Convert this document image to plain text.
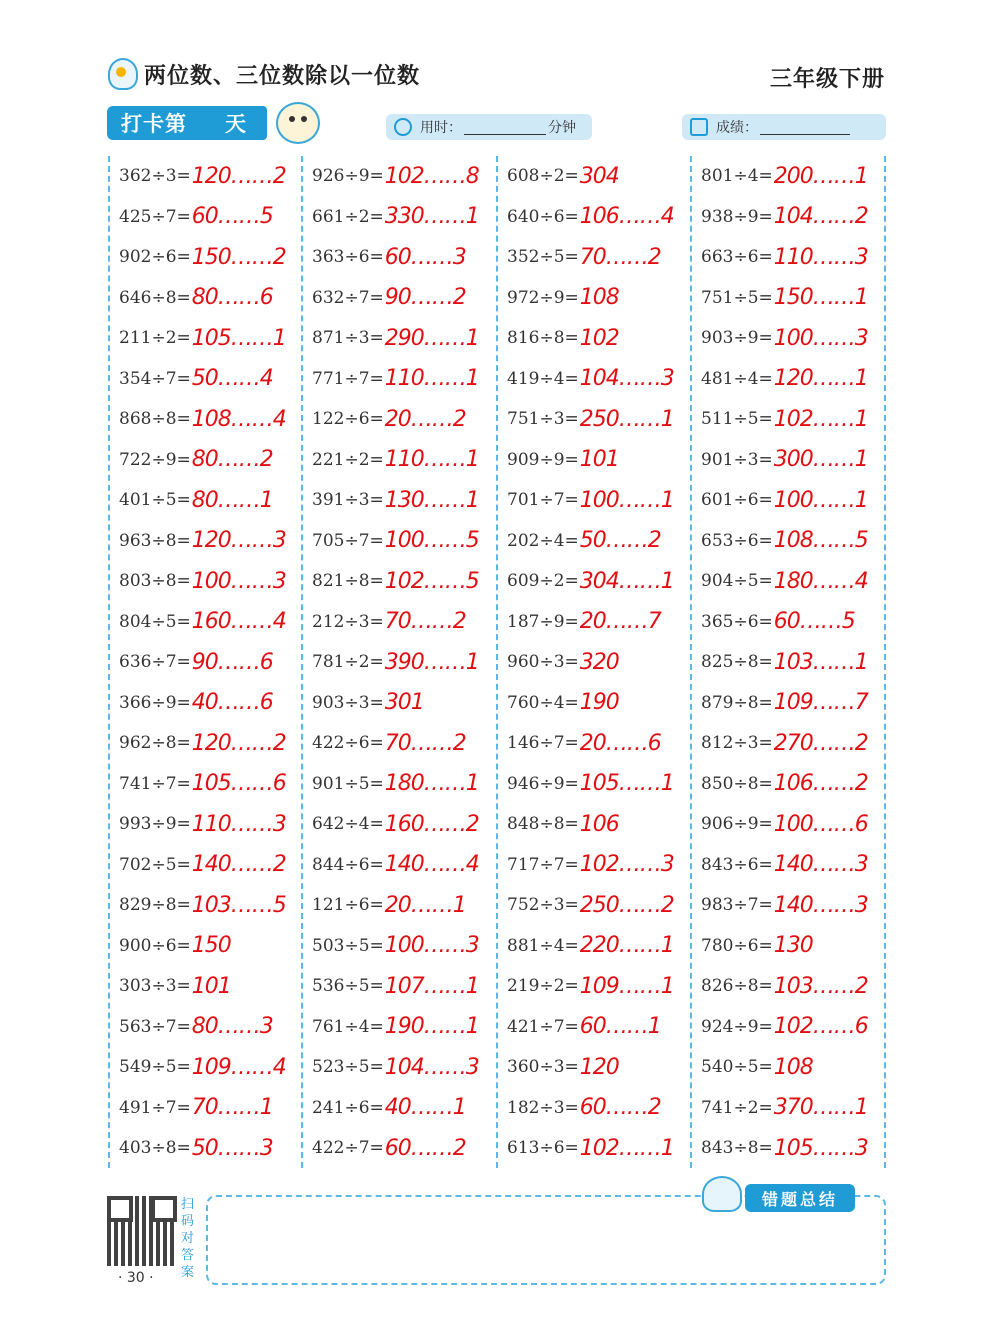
两位数、三位数除以一位数	三年级下册
打卡第 天	用时：	分钟	成绩：
362÷3= 120……2
425÷7= 60……5
902÷6= 150……2
646÷8= 80……6
211÷2= 105……1
354÷7= 50……4
868÷8= 108……4
722÷9= 80……2
401÷5= 80……1
963÷8= 120……3
803÷8= 100……3
804÷5= 160……4
636÷7= 90……6
366÷9= 40……6
962÷8= 120……2
741÷7= 105……6
993÷9= 110……3
702÷5= 140……2
829÷8= 103……5
900÷6= 150
303÷3= 101
563÷7= 80……3
549÷5= 109……4
491÷7= 70……1
403÷8= 50……3
926÷9= 102……8
661÷2= 330……1
363÷6= 60……3
632÷7= 90……2
871÷3= 290……1
771÷7= 110……1
122÷6= 20……2
221÷2= 110……1
391÷3= 130……1
705÷7= 100……5
821÷8= 102……5
212÷3= 70……2
781÷2= 390……1
903÷3= 301
422÷6= 70……2
901÷5= 180……1
642÷4= 160……2
844÷6= 140……4
121÷6= 20……1
503÷5= 100……3
536÷5= 107……1
761÷4= 190……1
523÷5= 104……3
241÷6= 40……1
422÷7= 60……2
608÷2= 304
640÷6= 106……4
352÷5= 70……2
972÷9= 108
816÷8= 102
419÷4= 104……3
751÷3= 250……1
909÷9= 101
701÷7= 100……1
202÷4= 50……2
609÷2= 304……1
187÷9= 20……7
960÷3= 320
760÷4= 190
146÷7= 20……6
946÷9= 105……1
848÷8= 106
717÷7= 102……3
752÷3= 250……2
881÷4= 220……1
219÷2= 109……1
421÷7= 60……1
360÷3= 120
182÷3= 60……2
613÷6= 102……1
801÷4= 200……1
938÷9= 104……2
663÷6= 110……3
751÷5= 150……1
903÷9= 100……3
481÷4= 120……1
511÷5= 102……1
901÷3= 300……1
601÷6= 100……1
653÷6= 108……5
904÷5= 180……4
365÷6= 60……5
825÷8= 103……1
879÷8= 109……7
812÷3= 270……2
850÷8= 106……2
906÷9= 100……6
843÷6= 140……3
983÷7= 140……3
780÷6= 130
826÷8= 103……2
924÷9= 102……6
540÷5= 108
741÷2= 370……1
843÷8= 105……3
扫码对答案
· 30 ·
错题总结
